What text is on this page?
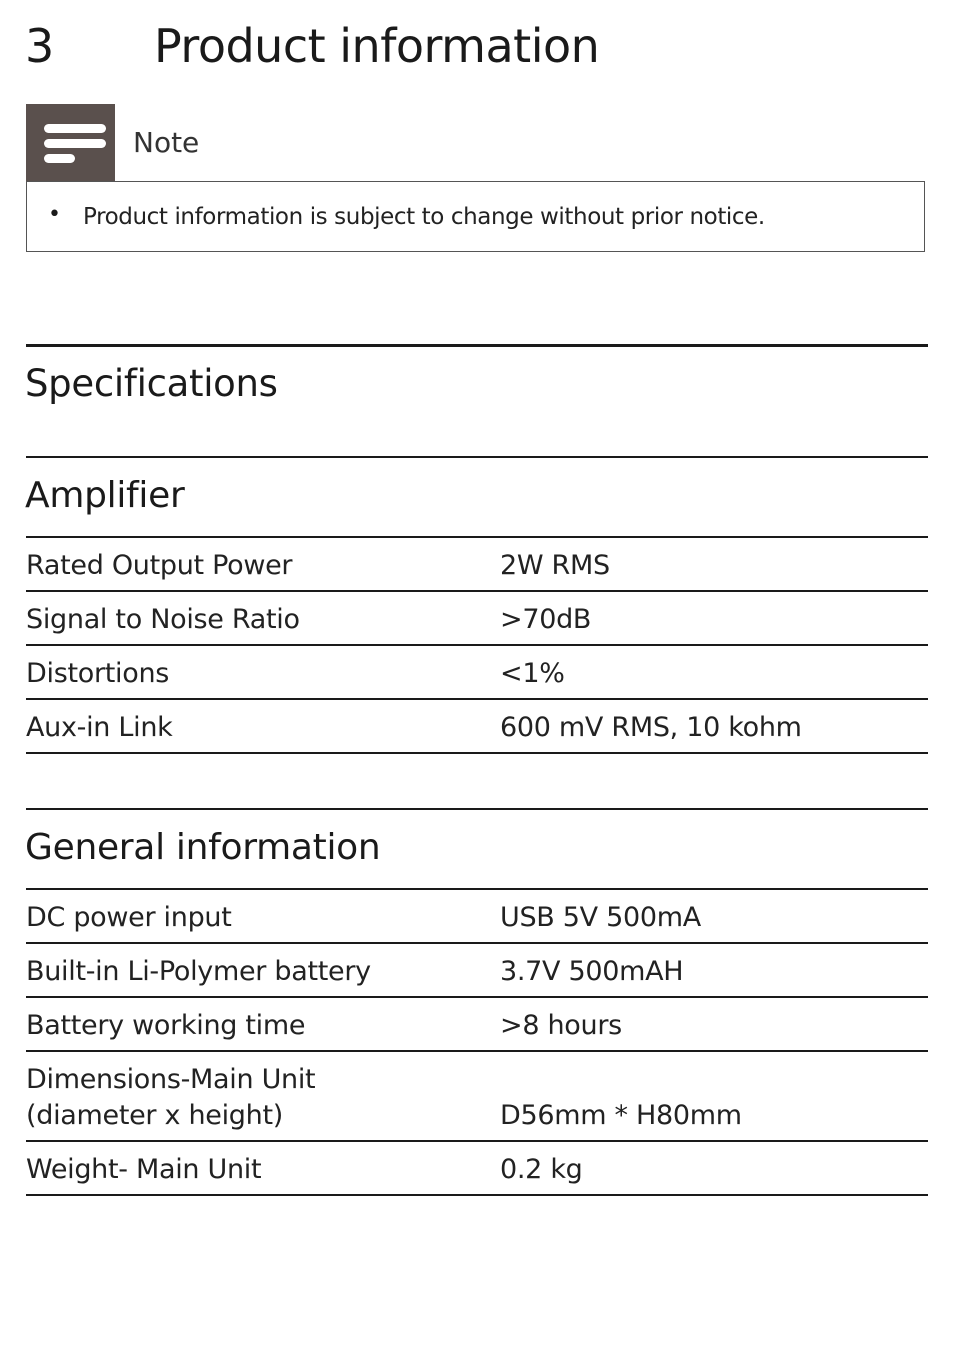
3 Product information
Note
• Product information is subject to change without prior notice.
Specifications
Amplifier
Rated Output Power	2W RMS
Signal to Noise Ratio	>70dB
Distortions	<1%
Aux-in Link	600 mV RMS, 10 kohm
General information
DC power input	USB 5V 500mA
Built-in Li-Polymer battery	3.7V 500mAH
Battery working time	>8 hours
Dimensions-Main Unit
(diameter x height)	D56mm * H80mm
Weight- Main Unit	0.2 kg
